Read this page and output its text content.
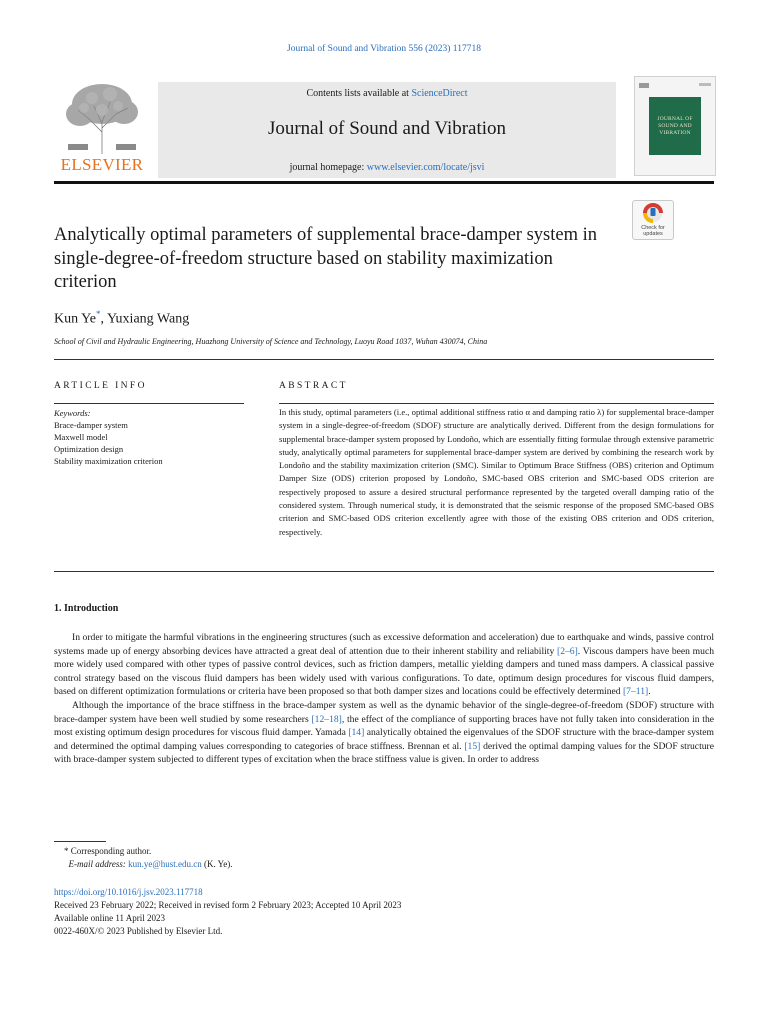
Journal of Sound and Vibration 556 (2023) 117718
ELSEVIER
Contents lists available at ScienceDirect
Journal of Sound and Vibration
journal homepage: www.elsevier.com/locate/jsvi
JOURNAL OF SOUND AND VIBRATION
Analytically optimal parameters of supplemental brace-damper system in single-degree-of-freedom structure based on stability maximization criterion
Check for updates
Kun Ye*, Yuxiang Wang
School of Civil and Hydraulic Engineering, Huazhong University of Science and Technology, Luoyu Road 1037, Wuhan 430074, China
ARTICLE INFO	ABSTRACT
Keywords:
Brace-damper system
Maxwell model
Optimization design
Stability maximization criterion
In this study, optimal parameters (i.e., optimal additional stiffness ratio α and damping ratio λ) for supplemental brace-damper system in a single-degree-of-freedom (SDOF) structure are analytically derived. Different from the design formulations for supplemental brace-damper system proposed by Londoño, which are essentially fitting formulae through extensive parametric study, analytically optimal parameters for supplemental brace-damper system are derived by combining the research work by Londoño and the stability maximization criterion (SMC). Similar to Optimum Brace Stiffness (OBS) criterion and Optimum Damper Size (ODS) criterion proposed by Londoño, SMC-based OBS criterion and SMC-based ODS criterion are respectively proposed to assure a desired structural performance represented by the targeted overall damping ratio of the considered system. Through numerical study, it is demonstrated that the seismic response of the proposed SMC-based OBS criterion and SMC-based ODS criterion excellently agree with those of the existing OBS criterion and ODS criterion, respectively.
1. Introduction

In order to mitigate the harmful vibrations in the engineering structures (such as excessive deformation and acceleration) due to earthquake and winds, passive control systems made up of energy absorbing devices have attracted a great deal of attention due to their inherent stability and reliability [2–6]. Viscous dampers have been much more widely used compared with other types of passive control devices, such as friction dampers, metallic yielding dampers and tuned mass dampers. A classical passive control strategy based on the viscous fluid dampers has been widely used with various configurations. To date, optimum design procedures for viscous fluid dampers, based on different optimization formulations or criteria have been proposed so that both damper sizes and locations could be effectively determined [7–11].

Although the importance of the brace stiffness in the brace-damper system as well as the dynamic behavior of the single-degree-of-freedom (SDOF) structure with brace-damper system have been well studied by some researchers [12–18], the effect of the compliance of supporting braces have not fully taken into consideration in the most existing optimum design procedures for viscous fluid damper. Yamada [14] analytically obtained the eigenvalues of the SDOF structure with the brace-damper system and determined the optimal damping values corresponding to categories of brace stiffness. Brennan et al. [15] derived the optimal damping values for the SDOF structure with brace-damper system subjected to different types of excitation when the brace stiffness value is given. In order to address

* Corresponding author.
E-mail address: kun.ye@hust.edu.cn (K. Ye).
https://doi.org/10.1016/j.jsv.2023.117718
Received 23 February 2022; Received in revised form 2 February 2023; Accepted 10 April 2023
Available online 11 April 2023
0022-460X/© 2023 Published by Elsevier Ltd.
